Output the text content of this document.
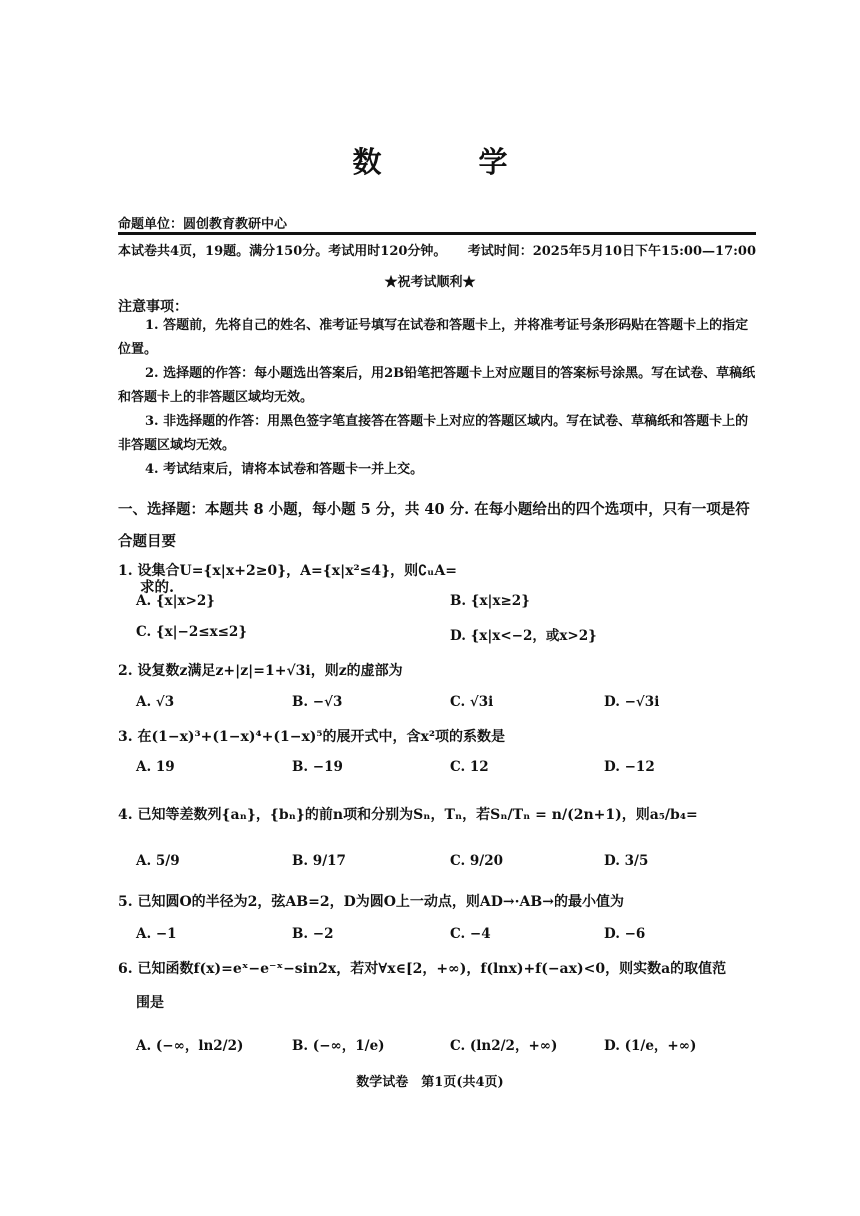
数　学
命题单位：圆创教育教研中心
本试卷共4页，19题。满分150分。考试用时120分钟。 考试时间：2025年5月10日下午15:00—17:00
★祝考试顺利★
注意事项：
1. 答题前，先将自己的姓名、准考证号填写在试卷和答题卡上，并将准考证号条形码贴在答题卡上的指定位置。
2. 选择题的作答：每小题选出答案后，用2B铅笔把答题卡上对应题目的答案标号涂黑。写在试卷、草稿纸和答题卡上的非答题区域均无效。
3. 非选择题的作答：用黑色签字笔直接答在答题卡上对应的答题区域内。写在试卷、草稿纸和答题卡上的非答题区域均无效。
4. 考试结束后，请将本试卷和答题卡一并上交。
一、选择题：本题共 8 小题，每小题 5 分，共 40 分. 在每小题给出的四个选项中，只有一项是符合题目要
求的.
1. 设集合U={x|x+2≥0}，A={x|x²≤4}，则∁ᵤA=
A. {x|x>2}	B. {x|x≥2}
C. {x|−2≤x≤2}	D. {x|x<−2，或x>2}
2. 设复数z满足z+|z|=1+√3i，则z的虚部为
A. √3	B. −√3	C. √3i	D. −√3i
3. 在(1−x)³+(1−x)⁴+(1−x)⁵的展开式中，含x²项的系数是
A. 19	B. −19	C. 12	D. −12
4. 已知等差数列{aₙ}，{bₙ}的前n项和分别为Sₙ，Tₙ，若Sₙ/Tₙ = n/(2n+1)，则a₅/b₄=
A. 5/9	B. 9/17	C. 9/20	D. 3/5
5. 已知圆O的半径为2，弦AB=2，D为圆O上一动点，则AD→·AB→的最小值为
A. −1	B. −2	C. −4	D. −6
6. 已知函数f(x)=eˣ−e⁻ˣ−sin2x，若对∀x∈[2，+∞)，f(lnx)+f(−ax)<0，则实数a的取值范
围是
A. (−∞，ln2/2)	B. (−∞，1/e)	C. (ln2/2，+∞)	D. (1/e，+∞)
数学试卷　第1页(共4页)
